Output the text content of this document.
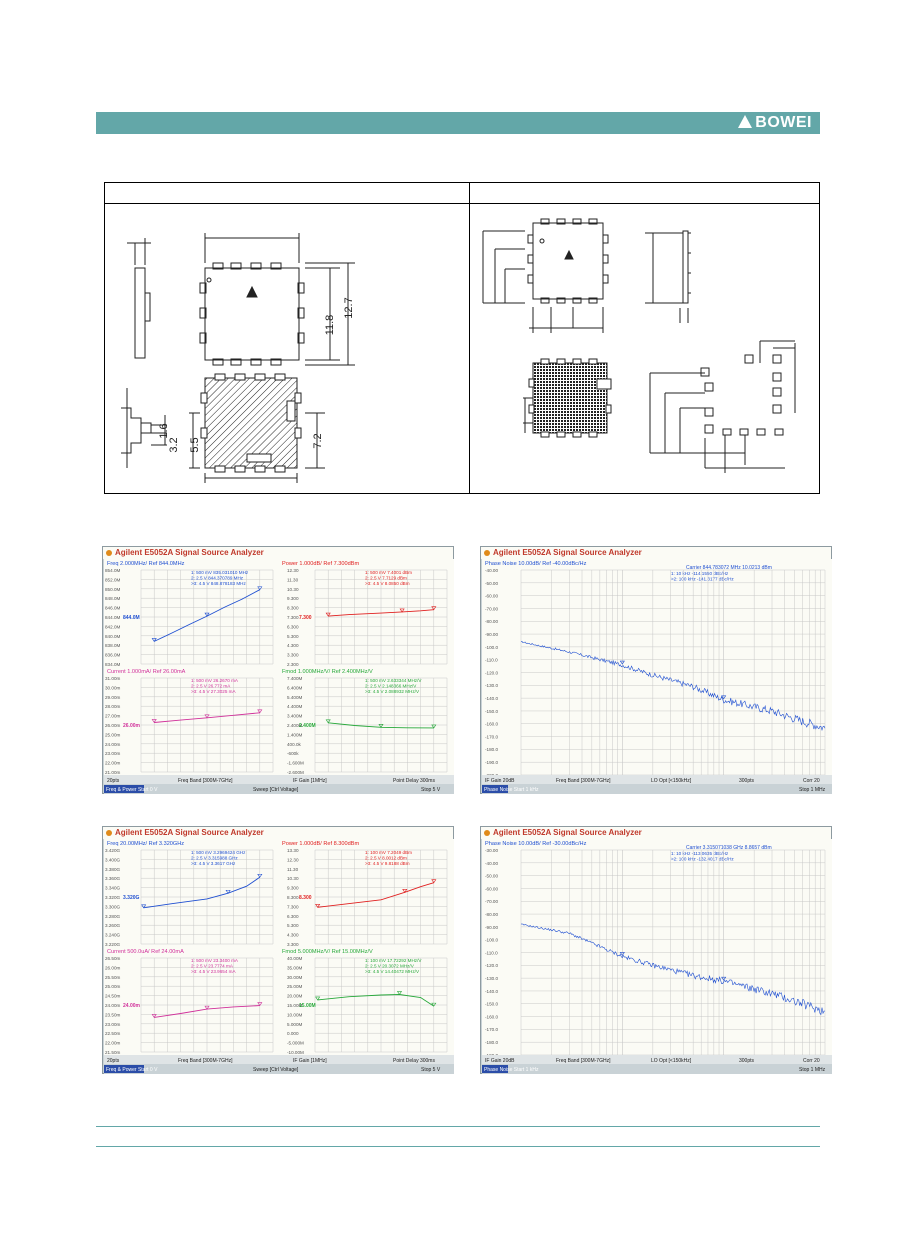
BOWEI
11.8
12.7
1.6
3.2 5.5	7.2
Agilent E5052A Signal Source Analyzer
Freq 2.000MHz/ Ref 844.0MHz
854.0M
852.0M
850.0M
848.0M
846.0M
844.0M
842.0M
840.0M
838.0M
836.0M
834.0M
844.0M
1: 500 mV 835.031010 MHz
2: 2.5 V 844.370789 MHz
>3: 4.5 V 848.878183 MHz
Power 1.000dB/ Ref 7.300dBm
12.30
11.30
10.30
9.300
8.300
7.300
6.300
5.300
4.300
3.300
2.300
7.300
1: 500 mV 7.4001 dBm
2: 2.5 V 7.7129 dBm
>3: 4.5 V 8.0850 dBm
Current 1.000mA/ Ref 26.00mA
31.00m
30.00m
29.00m
28.00m
27.00m
26.00m
25.00m
24.00m
23.00m
22.00m
21.00m
26.00m
1: 500 mV 26.2670 mA
2: 2.5 V 26.772 mA
>3: 4.5 V 27.3025 mA
Fmod 1.000MHz/V/ Ref 2.400MHz/V
7.400M
6.400M
5.400M
4.400M
3.400M
2.400M
1.400M
400.0k
-600k
-1.600M
-2.600M
2.400M
1: 500 mV 2.633344 MHz/V
2: 2.5 V 2.148366 MHz/V
>3: 4.5 V 2.088932 MHz/V
20pts	Freq Band [300M-7GHz]	IF Gain [1MHz]	Point Delay 300ms
Freq & Power Start 0 V	Sweep [Ctrl Voltage]	Stop 5 V
Agilent E5052A Signal Source Analyzer
Phase Noise 10.00dB/ Ref -40.00dBc/Hz
Carrier 844.783072 MHz 10.0213 dBm
1: 10 kHz -114.1550 dBc/Hz
>2: 100 kHz -141.3177 dBc/Hz
-40.00
-50.00
-60.00
-70.00
-80.00
-90.00
-100.0
-110.0
-120.0
-130.0
-140.0
-150.0
-160.0
-170.0
-180.0
-190.0
IF Gain 20dB	Freq Band [300M-7GHz]	LO Opt [<150kHz]	300pts	Corr 20
Phase Noise Start 1 kHz	Stop 1 MHz
Agilent E5052A Signal Source Analyzer
Freq 20.00MHz/ Ref 3.320GHz
3.420G
3.400G
3.380G
3.360G
3.340G
3.320G
3.300G
3.280G
3.260G
3.240G
3.220G
3.320G
1: 500 mV 3.2969424 GHz
2: 2.5 V 3.315988 GHz
>3: 4.5 V 3.3617 GHz
Power 1.000dB/ Ref 8.300dBm
13.30
12.30
11.30
10.30
9.300
8.300
7.300
6.300
5.300
4.300
3.300
8.300
1: 100 mV 7.2049 dBm
2: 2.5 V 8.0012 dBm
>3: 4.5 V 9.8188 dBm
Current 500.0uA/ Ref 24.00mA
26.50m
26.00m
25.50m
25.00m
24.50m
24.00m
23.50m
23.00m
22.50m
22.00m
21.50m
24.00m
1: 500 mV 23.3400 mA
2: 2.5 V 23.7774 mA
>3: 4.5 V 23.9654 mA
Fmod 5.000MHz/V/ Ref 15.00MHz/V
40.00M
35.00M
30.00M
25.00M
20.00M
15.00M
10.00M
5.000M
0.000
-5.000M
-10.00M
15.00M
1: 100 mV 17.72292 MHz/V
2: 2.5 V 20.3072 MHz/V
>3: 4.5 V 14.40472 MHz/V
20pts	Freq Band [300M-7GHz]	IF Gain [1MHz]	Point Delay 300ms
Freq & Power Start 0 V	Sweep [Ctrl Voltage]	Stop 5 V
Agilent E5052A Signal Source Analyzer
Phase Noise 10.00dB/ Ref -30.00dBc/Hz
Carrier 3.315071038 GHz 8.8657 dBm
1: 10 kHz -113.0635 dBc/Hz
>2: 100 kHz -132.4017 dBc/Hz
-30.00
-40.00
-50.00
-60.00
-70.00
-80.00
-90.00
-100.0
-110.0
-120.0
-130.0
-140.0
-150.0
-160.0
-170.0
-180.0
IF Gain 20dB	Freq Band [300M-7GHz]	LO Opt [<150kHz]	300pts	Corr 20
Phase Noise Start 1 kHz	Stop 1 MHz
